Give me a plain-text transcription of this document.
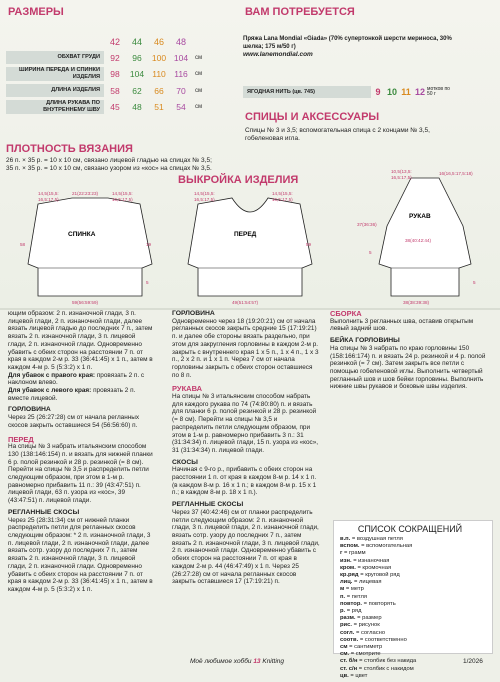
РАЗМЕРЫ
	42	44	46	48	
ОБХВАТ ГРУДИ	92	96	100	104	см
ШИРИНА ПЕРЕДА И СПИНКИ ИЗДЕЛИЯ	98	104	110	116	см
ДЛИНА ИЗДЕЛИЯ	58	62	66	70	см
ДЛИНА РУКАВА ПО ВНУТРЕННЕМУ ШВУ	45	48	51	54	см
ВАМ ПОТРЕБУЕТСЯ
Пряжа Lana Mondial «Giada» (70% супертонкой шерсти мериноса, 30% шелка; 175 м/50 г)
www.lanemondial.com
ЯГОДНАЯ НИТЬ (цв. 745)	9 10 11 12 мотков по 50 г
СПИЦЫ И АКСЕССУАРЫ
Спицы № 3 и 3,5; вспомогательная спица с 2 концами № 3,5, гобеленовая игла.
ПЛОТНОСТЬ ВЯЗАНИЯ
26 п. × 35 р. = 10 x 10 см, связано лицевой гладью на спицах № 3,5;
35 п. × 35 р. = 10 x 10 см, связано узором из «кос» на спицах № 3,5.
ВЫКРОЙКА ИЗДЕЛИЯ
14,5(15,5:
16,5:17,5)
21(22:23:23)	14,5(15,5:
16,5:17,5)
5
19
58
59(56:59:59)
СПИНКА
14,5(15,5:
16,5:17,5)
14,5(15,5:
16,5:17,5)
59
49(51:54:57)
ПЕРЕД
10,5(13,5:
16,5:17,5)
16(16,5:17,5:18)
5
37(36:36)
38(40:42:44)
5
38(38:39:38)
РУКАВ

ющим образом: 2 п. изнаночной глади, 3 п. лицевой глади, 2 п. изнаночной глади, далее вязать лицевой гладью до последних 7 п., затем вязать 2 п. изнаночной глади, 3 п. лицевой глади, 2 п. изнаночной глади. Одновременно убавить с обеих сторон на расстоянии 7 п. от края в каждом 2-м р. 33 (36:41:45) х 1 п., затем в каждом 4-м р. 5 (5:3:2) х 1 п.

Для убавок с правого края: провязать 2 п. с наклоном влево.

Для убавок с левого края: провязать 2 п. вместе лицевой.

ГОРЛОВИНА

Через 25 (26:27:28) см от начала регланных скосов закрыть оставшиеся 54 (56:56:60) п.

ПЕРЕД

На спицы № 3 набрать итальянским способом 130 (138:146:154) п. и вязать для нижней планки 6 р. полой резинкой и 28 р. резинкой (= 8 см). Перейти на спицы № 3,5 и распределить петли следующим образом, при этом в 1-м р. равномерно прибавить 11 п.: 39 (43:47:51) п. лицевой глади, 63 п. узора из «кос», 39 (43:47:51) п. лицевой глади.

РЕГЛАННЫЕ СКОСЫ

Через 25 (28:31:34) см от нижней планки распределить петли для регланных скосов следующим образом: * 2 п. изнаночной глади, 3 п. лицевой глади, 2 п. изнаночной глади, далее вязать сотр. узору до последних 7 п., затем вязать 2 п. изнаночной глади, 3 п. лицевой глади, 2 п. изнаночной глади. Одновременно убавить с обеих сторон на расстоянии 7 п. от края в каждом 2-м р. 33 (36:41:45) х 1 п., затем в каждом 4-м р. 5 (5:3:2) х 1 п.

ГОРЛОВИНА

Одновременно через 18 (19:20:21) см от начала регланных скосов закрыть средние 15 (17:19:21) п. и далее обе стороны вязать раздельно, при этом для закругления горловины в каждом 2-м р. закрыть с внутреннего края 1 х 5 п., 1 х 4 п., 1 х 3 п., 2 х 2 п. и 1 х 1 п. Через 7 см от начала горловины закрыть с обеих сторон оставшиеся по 8 п.

РУКАВА

На спицы № 3 итальянским способом набрать для каждого рукава по 74 (74:80:80) п. и вязать для планки 6 р. полой резинкой и 28 р. резинкой (= 8 см). Перейти на спицы № 3,5 и распределить петли следующим образом, при этом в 1-м р. равномерно прибавить 3 п.: 31 (31:34:34) п. лицевой глади, 15 п. узора из «кос», 31 (31:34:34) п. лицевой глади.

СКОСЫ

Начиная с 9-го р., прибавить с обеих сторон на расстоянии 1 п. от края в каждом 8-м р. 14 х 1 п. (в каждом 8-м р. 16 х 1 п.; в каждом 8-м р. 15 х 1 п.; в каждом 8-м р. 18 х 1 п.).

РЕГЛАННЫЕ СКОСЫ

Через 37 (40:42:46) см от планки распределить петли следующим образом: 2 п. изнаночной глади, 3 п. лицевой глади, 2 п. изнаночной глади, вязать сотр. узору до последних 7 п., затем вязать 2 п. изнаночной глади, 3 п. лицевой глади, 2 п. изнаночной глади. Одновременно убавить с обеих сторон на расстоянии 7 п. от края в каждом 2-м р. 44 (46:47:49) х 1 п. Через 25 (26:27:28) см от начала регланных скосов закрыть оставшиеся 17 (17:19:21) п.

СБОРКА

Выполнить 3 регланных шва, оставив открытым левый задний шов.

БЕЙКА ГОРЛОВИНЫ

На спицы № 3 набрать по краю горловины 150 (158:166:174) п. и вязать 24 р. резинкой и 4 р. полой резинкой (= 7 см). Затем закрыть все петли с помощью гобеленовой иглы. Выполнить четвертый регланный шов и шов бейки горловины. Выполнить нижние швы рукавов и боковые швы изделия.

СПИСОК СОКРАЩЕНИЙ
в.п. = воздушная петля
вспом. = вспомогательная
г = грамм
изн. = изнаночная
кром. = кромочная
кр.ряд = круговой ряд
лиц. = лицевая
м = метр
п. = петля
повтор. = повторять
р. = ряд
разм. = размер
рис. = рисунок
согл. = согласно
соотв. = соответственно
см = сантиметр
см. = смотрите
ст. б/н = столбик без накида
ст. с/н = столбик с накидом
цв. = цвет
Моё любимое хобби 13 Knitting	1/2026
